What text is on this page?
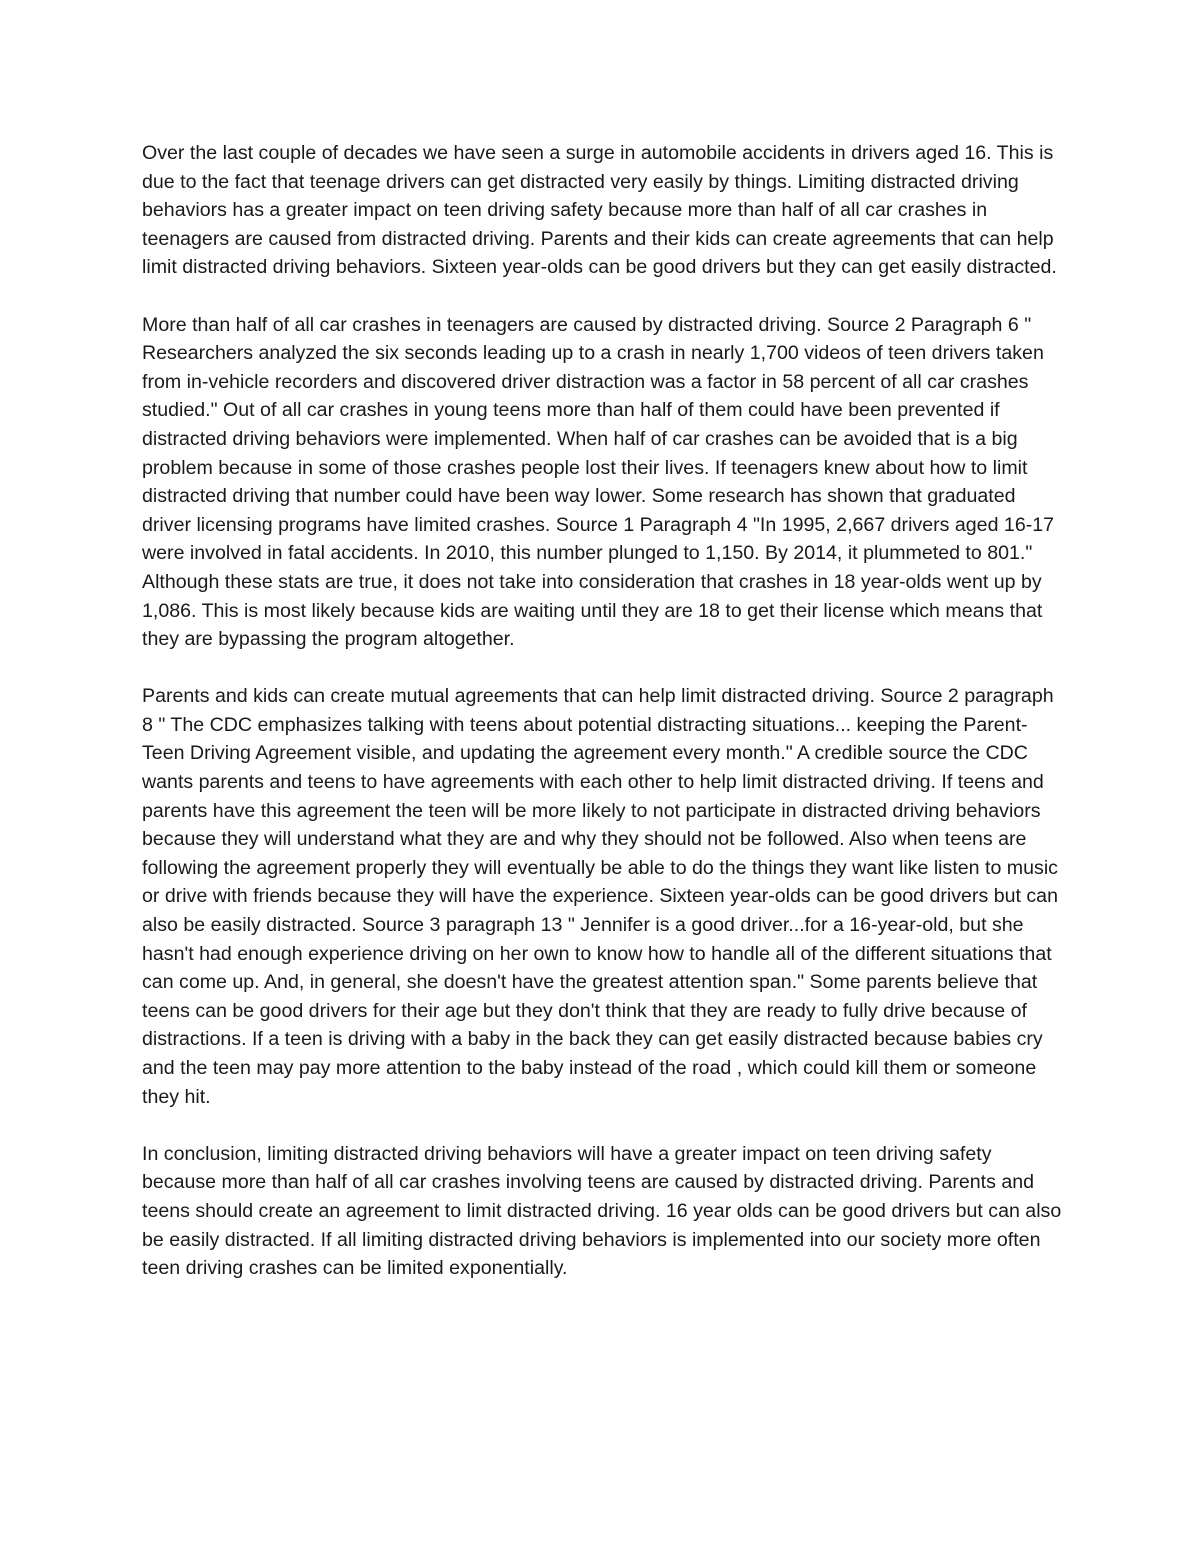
Over the last couple of decades we have seen a surge in automobile accidents in drivers aged 16. This is due to the fact that teenage drivers can get distracted very easily by things. Limiting distracted driving behaviors has a greater impact on teen driving safety because more than half of all car crashes in teenagers are caused from distracted driving. Parents and their kids can create agreements that can help limit distracted driving behaviors. Sixteen year-olds can be good drivers but they can get easily distracted.

More than half of all car crashes in teenagers are caused by distracted driving. Source 2 Paragraph 6 " Researchers analyzed the six seconds leading up to a crash in nearly 1,700 videos of teen drivers taken from in-vehicle recorders and discovered driver distraction was a factor in 58 percent of all car crashes studied." Out of all car crashes in young teens more than half of them could have been prevented if distracted driving behaviors were implemented. When half of car crashes can be avoided that is a big problem because in some of those crashes people lost their lives. If teenagers knew about how to limit distracted driving that number could have been way lower. Some research has shown that graduated driver licensing programs have limited crashes. Source 1 Paragraph 4 "In 1995, 2,667 drivers aged 16-17 were involved in fatal accidents. In 2010, this number plunged to 1,150. By 2014, it plummeted to 801." Although these stats are true, it does not take into consideration that crashes in 18 year-olds went up by 1,086. This is most likely because kids are waiting until they are 18 to get their license which means that they are bypassing the program altogether.

Parents and kids can create mutual agreements that can help limit distracted driving. Source 2 paragraph 8 " The CDC emphasizes talking with teens about potential distracting situations... keeping the Parent-Teen Driving Agreement visible, and updating the agreement every month." A credible source the CDC wants parents and teens to have agreements with each other to help limit distracted driving. If teens and parents have this agreement the teen will be more likely to not participate in distracted driving behaviors because they will understand what they are and why they should not be followed. Also when teens are following the agreement properly they will eventually be able to do the things they want like listen to music or drive with friends because they will have the experience. Sixteen year-olds can be good drivers but can also be easily distracted. Source 3 paragraph 13 " Jennifer is a good driver...for a 16-year-old, but she hasn't had enough experience driving on her own to know how to handle all of the different situations that can come up. And, in general, she doesn't have the greatest attention span." Some parents believe that teens can be good drivers for their age but they don't think that they are ready to fully drive because of distractions. If a teen is driving with a baby in the back they can get easily distracted because babies cry and the teen may pay more attention to the baby instead of the road , which could kill them or someone they hit.

In conclusion, limiting distracted driving behaviors will have a greater impact on teen driving safety because more than half of all car crashes involving teens are caused by distracted driving. Parents and teens should create an agreement to limit distracted driving. 16 year olds can be good drivers but can also be easily distracted. If all limiting distracted driving behaviors is implemented into our society more often teen driving crashes can be limited exponentially.
